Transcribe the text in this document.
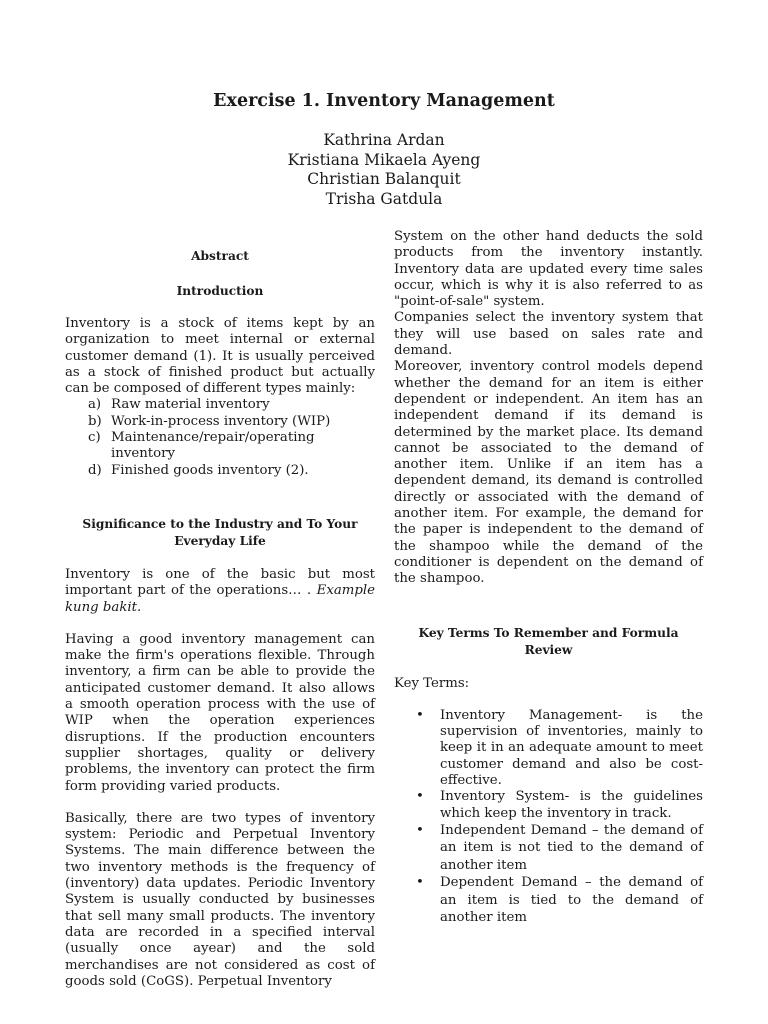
Exercise 1. Inventory Management
Kathrina Ardan
Kristiana Mikaela Ayeng
Christian Balanquit
Trisha Gatdula
Abstract
Introduction

Inventory is a stock of items kept by an organization to meet internal or external customer demand (1). It is usually perceived as a stock of finished product but actually can be composed of different types mainly:

a) Raw material inventory
b) Work-in-process inventory (WIP)
c) Maintenance/repair/operating inventory
d) Finished goods inventory (2).
Significance to the Industry and To Your
Everyday Life

Inventory is one of the basic but most important part of the operations… . Example kung bakit.

Having a good inventory management can make the firm's operations flexible. Through inventory, a firm can be able to provide the anticipated customer demand. It also allows a smooth operation process with the use of WIP when the operation experiences disruptions. If the production encounters supplier shortages, quality or delivery problems, the inventory can protect the firm form providing varied products.

Basically, there are two types of inventory system: Periodic and Perpetual Inventory Systems. The main difference between the two inventory methods is the frequency of (inventory) data updates. Periodic Inventory System is usually conducted by businesses that sell many small products. The inventory data are recorded in a specified interval (usually once ayear) and the sold merchandises are not considered as cost of goods sold (CoGS). Perpetual Inventory

System on the other hand deducts the sold products from the inventory instantly. Inventory data are updated every time sales occur, which is why it is also referred to as "point-of-sale" system.

Companies select the inventory system that they will use based on sales rate and demand.

Moreover, inventory control models depend whether the demand for an item is either dependent or independent. An item has an independent demand if its demand is determined by the market place. Its demand cannot be associated to the demand of another item. Unlike if an item has a dependent demand, its demand is controlled directly or associated with the demand of another item. For example, the demand for the paper is independent to the demand of the shampoo while the demand of the conditioner is dependent on the demand of the shampoo.

Key Terms To Remember and Formula
Review

Key Terms:

•	Inventory Management- is the supervision of inventories, mainly to keep it in an adequate amount to meet customer demand and also be cost-effective.
•	Inventory System- is the guidelines which keep the inventory in track.
•	Independent Demand – the demand of an item is not tied to the demand of another item
•	Dependent Demand – the demand of an item is tied to the demand of another item
